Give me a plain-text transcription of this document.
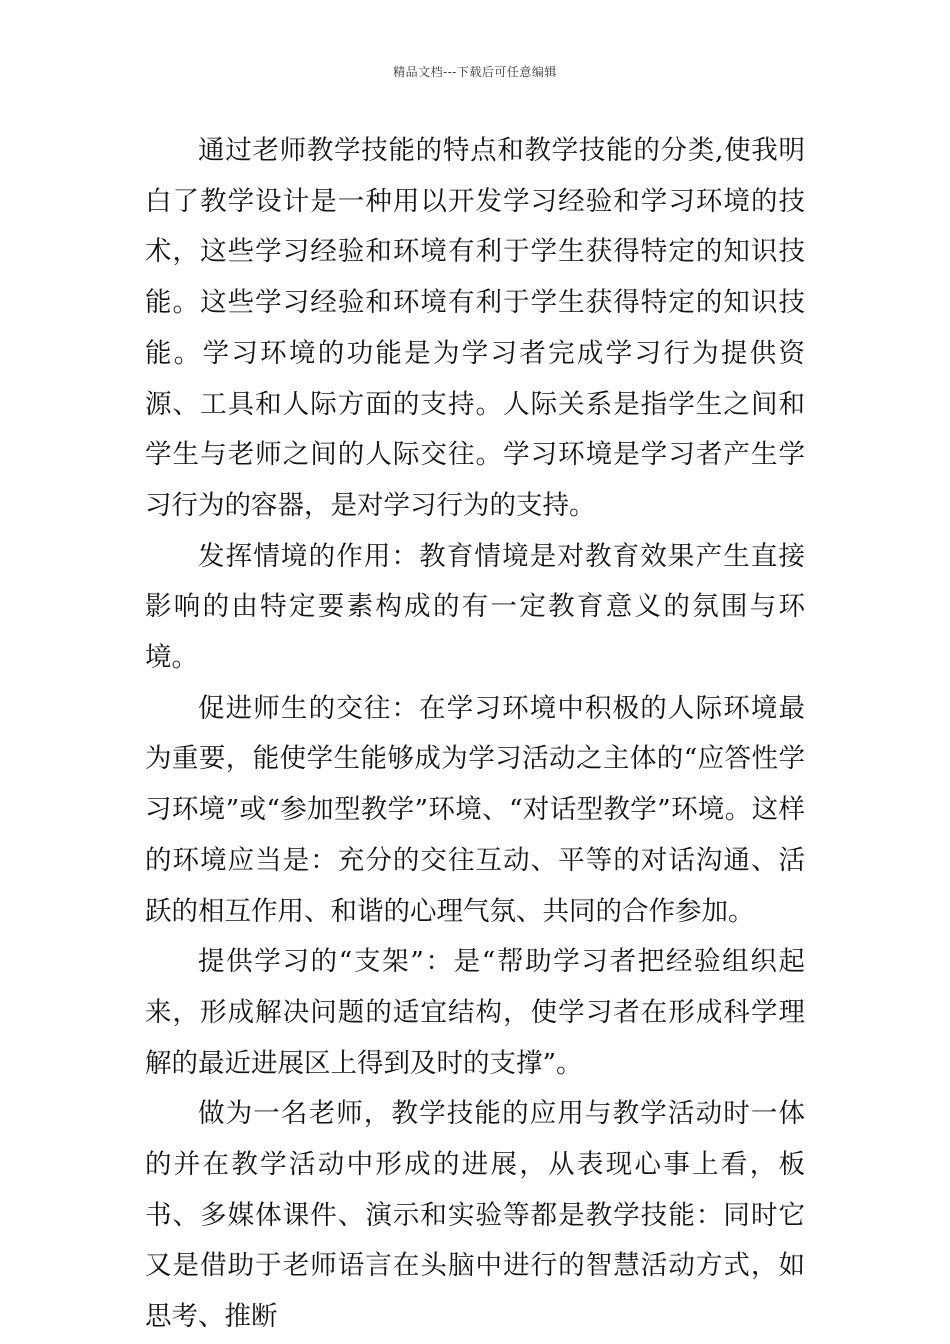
精品文档---下载后可任意编辑

通过老师教学技能的特点和教学技能的分类,使我明白了教学设计是一种用以开发学习经验和学习环境的技术，这些学习经验和环境有利于学生获得特定的知识技能。这些学习经验和环境有利于学生获得特定的知识技能。学习环境的功能是为学习者完成学习行为提供资源、工具和人际方面的支持。人际关系是指学生之间和学生与老师之间的人际交往。学习环境是学习者产生学习行为的容器，是对学习行为的支持。

发挥情境的作用：教育情境是对教育效果产生直接影响的由特定要素构成的有一定教育意义的氛围与环境。

促进师生的交往：在学习环境中积极的人际环境最为重要，能使学生能够成为学习活动之主体的“应答性学习环境”或“参加型教学”环境、“对话型教学”环境。这样的环境应当是：充分的交往互动、平等的对话沟通、活跃的相互作用、和谐的心理气氛、共同的合作参加。

提供学习的“支架”：是“帮助学习者把经验组织起来，形成解决问题的适宜结构，使学习者在形成科学理解的最近进展区上得到及时的支撑”。

做为一名老师，教学技能的应用与教学活动时一体的并在教学活动中形成的进展，从表现心事上看，板书、多媒体课件、演示和实验等都是教学技能：同时它又是借助于老师语言在头脑中进行的智慧活动方式，如思考、推断
